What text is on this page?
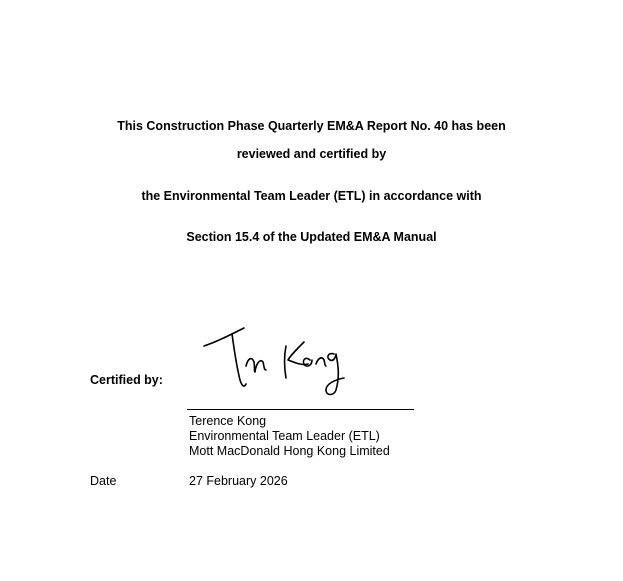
This Construction Phase Quarterly EM&A Report No. 40 has been
reviewed and certified by
the Environmental Team Leader (ETL) in accordance with
Section 15.4 of the Updated EM&A Manual
Certified by:
Terence Kong
Environmental Team Leader (ETL)
Mott MacDonald Hong Kong Limited
Date	27 February 2026
